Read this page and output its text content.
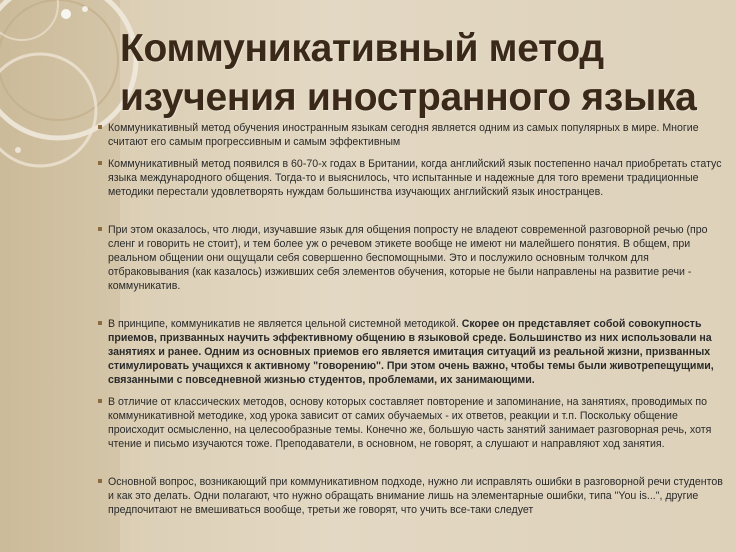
Коммуникативный метод
изучения иностранного языка
Коммуникативный метод обучения иностранным языкам сегодня является одним из самых популярных в мире. Многие считают его самым прогрессивным и самым эффективным
Коммуникативный метод появился в 60-70-х годах в Британии, когда английский язык постепенно начал приобретать статус языка международного общения. Тогда-то и выяснилось, что испытанные и надежные для того времени традиционные методики перестали удовлетворять нуждам большинства изучающих английский язык иностранцев.
При этом оказалось, что люди, изучавшие язык для общения попросту не владеют современной разговорной речью (про сленг и говорить не стоит), и тем более уж о речевом этикете вообще не имеют ни малейшего понятия. В общем, при реальном общении они ощущали себя совершенно беспомощными. Это и послужило основным толчком для отбраковывания (как казалось) изживших себя элементов обучения, которые не были направлены на развитие речи - коммуникатив.
В принципе, коммуникатив не является цельной системной методикой. Скорее он представляет собой совокупность приемов, призванных научить эффективному общению в языковой среде. Большинство из них использовали на занятиях и ранее. Одним из основных приемов его является имитация ситуаций из реальной жизни, призванных стимулировать учащихся к активному "говорению". При этом очень важно, чтобы темы были животрепещущими, связанными с повседневной жизнью студентов, проблемами, их занимающими.
В отличие от классических методов, основу которых составляет повторение и запоминание, на занятиях, проводимых по коммуникативной методике, ход урока зависит от самих обучаемых - их ответов, реакции и т.п. Поскольку общение происходит осмысленно, на целесообразные темы. Конечно же, большую часть занятий занимает разговорная речь, хотя чтение и письмо изучаются тоже. Преподаватели, в основном, не говорят, а слушают и направляют ход занятия.
Основной вопрос, возникающий при коммуникативном подходе, нужно ли исправлять ошибки в разговорной речи студентов и как это делать. Одни полагают, что нужно обращать внимание лишь на элементарные ошибки, типа "You is...", другие предпочитают не вмешиваться вообще, третьи же говорят, что учить все-таки следует
